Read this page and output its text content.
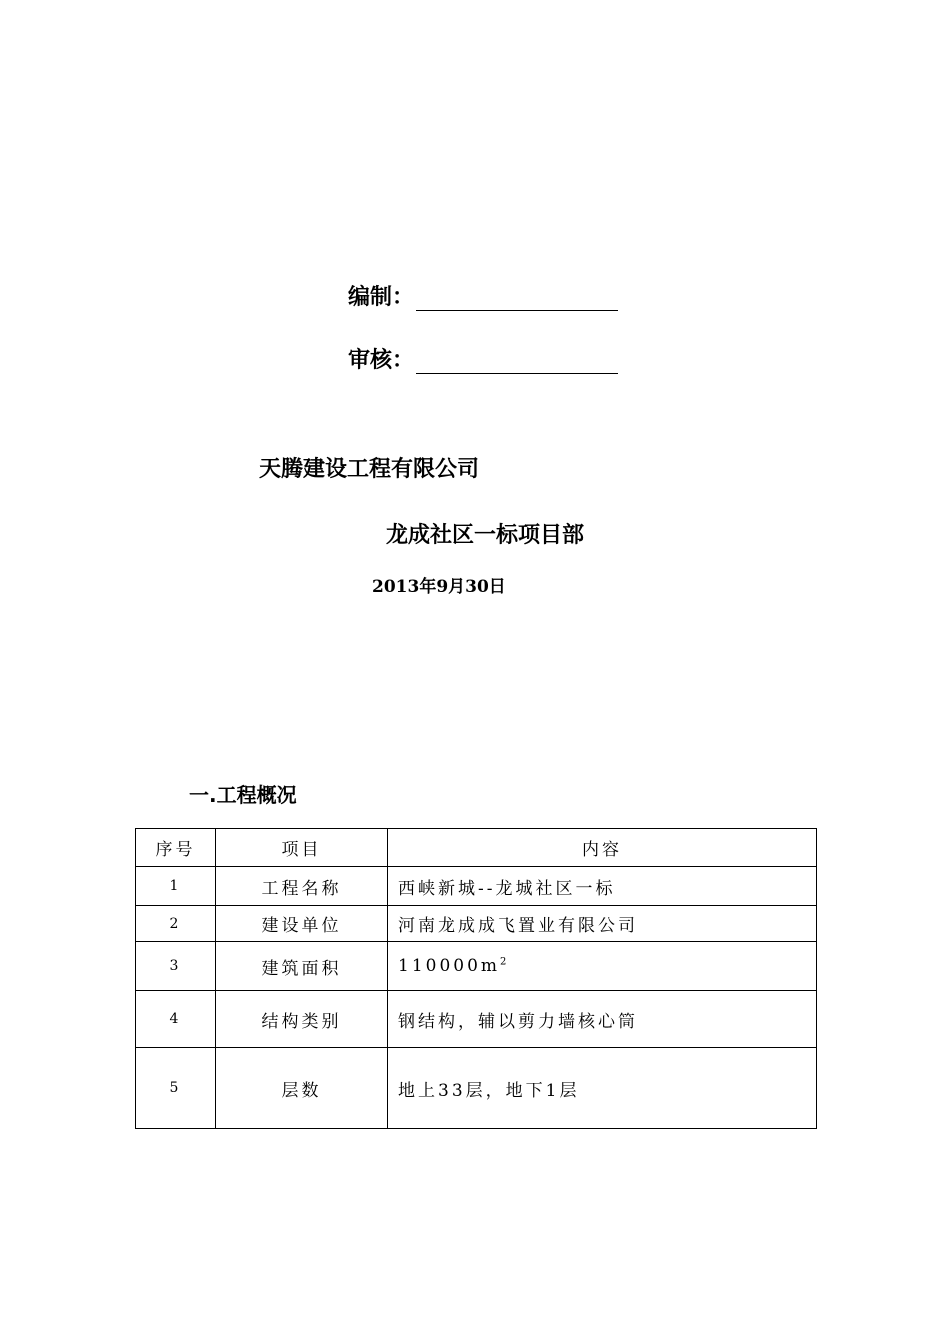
编制：
审核：
天腾建设工程有限公司
龙成社区一标项目部
2013年9月30日
一.工程概况
序号	项目	内容
1	工程名称	西峡新城--龙城社区一标
2	建设单位	河南龙成成飞置业有限公司
3	建筑面积	$110000m^2$
4	结构类别	钢结构，辅以剪力墙核心筒
5	层数	地上33层，地下1层
